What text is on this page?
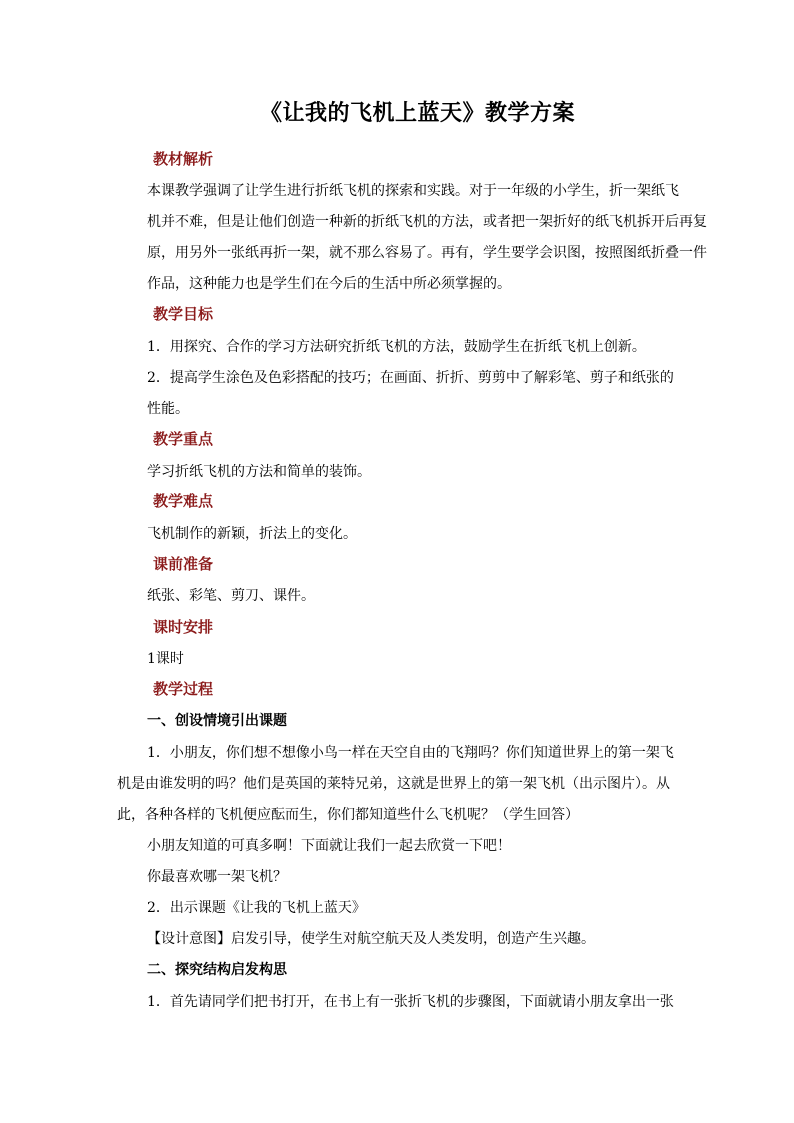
《让我的飞机上蓝天》教学方案
教材解析
本课教学强调了让学生进行折纸飞机的探索和实践。对于一年级的小学生，折一架纸飞
机并不难，但是让他们创造一种新的折纸飞机的方法，或者把一架折好的纸飞机拆开后再复
原，用另外一张纸再折一架，就不那么容易了。再有，学生要学会识图，按照图纸折叠一件
作品，这种能力也是学生们在今后的生活中所必须掌握的。
教学目标
1．用探究、合作的学习方法研究折纸飞机的方法，鼓励学生在折纸飞机上创新。
2．提高学生涂色及色彩搭配的技巧；在画面、折折、剪剪中了解彩笔、剪子和纸张的
性能。
教学重点
学习折纸飞机的方法和简单的装饰。
教学难点
飞机制作的新颖，折法上的变化。
课前准备
纸张、彩笔、剪刀、课件。
课时安排
1课时
教学过程
一、创设情境引出课题
1．小朋友，你们想不想像小鸟一样在天空自由的飞翔吗？你们知道世界上的第一架飞
机是由谁发明的吗？他们是英国的莱特兄弟，这就是世界上的第一架飞机（出示图片）。从
此，各种各样的飞机便应酝而生，你们都知道些什么飞机呢？（学生回答）
小朋友知道的可真多啊！下面就让我们一起去欣赏一下吧！
你最喜欢哪一架飞机？
2．出示课题《让我的飞机上蓝天》
【设计意图】启发引导，使学生对航空航天及人类发明，创造产生兴趣。
二、探究结构启发构思
1．首先请同学们把书打开，在书上有一张折飞机的步骤图，下面就请小朋友拿出一张
